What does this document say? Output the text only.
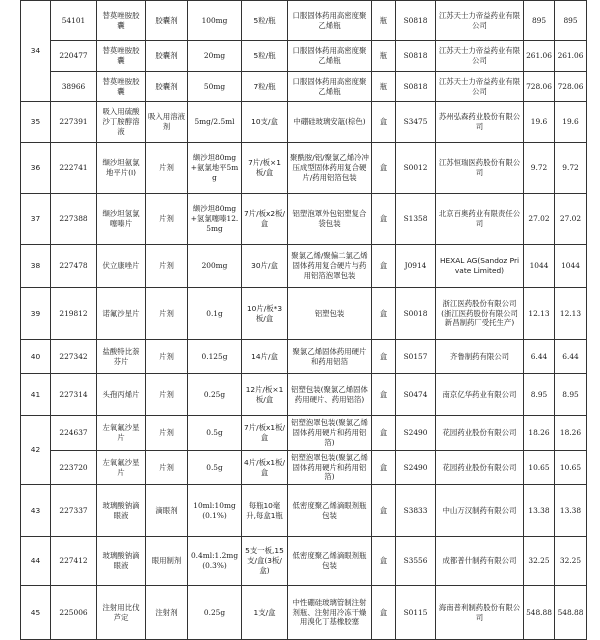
34	54101	替莫唑胺胶囊	胶囊剂	100mg	5粒/瓶	口服固体药用高密度聚乙烯瓶	瓶	S0818	江苏天士力帝益药业有限公司	895	895
	220477	替莫唑胺胶囊	胶囊剂	20mg	5粒/瓶	口服固体药用高密度聚乙烯瓶	瓶	S0818	江苏天士力帝益药业有限公司	261.06	261.06
	38966	替莫唑胺胶囊	胶囊剂	50mg	7粒/瓶	口服固体药用高密度聚乙烯瓶	瓶	S0818	江苏天士力帝益药业有限公司	728.06	728.06
35	227391	吸入用硫酸沙丁胺醇溶液	吸入用溶液剂	5mg/2.5ml	10支/盒	中硼硅玻璃安瓿(棕色)	盒	S3475	苏州弘森药业股份有限公司	19.6	19.6
36	222741	缬沙坦氨氯地平片(Ⅰ)	片剂	缬沙坦80mg+氨氯地平5mg	7片/板×1板/盒	聚酰胺/铝/聚氯乙烯冷冲压成型固体药用复合硬片/药用铝箔包装	盒	S0012	江苏恒瑞医药股份有限公司	9.72	9.72
37	227388	缬沙坦氢氯噻嗪片	片剂	缬沙坦80mg+氢氯噻嗪12.5mg	7片/板x2板/盒	铝塑泡罩外包铝塑复合袋包装	盒	S1358	北京百奥药业有限责任公司	27.02	27.02
38	227478	伏立康唑片	片剂	200mg	30片/盒	聚氯乙烯/聚偏二氯乙烯固体药用复合硬片与药用铝箔泡罩包装	盒	J0914	HEXAL AG(Sandoz Private Limited)	1044	1044
39	219812	诺氟沙星片	片剂	0.1g	10片/板*3板/盒	铝塑包装	盒	S0018	浙江医药股份有限公司(浙江医药股份有限公司新昌制药厂受托生产)	12.13	12.13
40	227342	盐酸特比萘芬片	片剂	0.125g	14片/盒	聚氯乙烯固体药用硬片和药用铝箔	盒	S0157	齐鲁制药有限公司	6.44	6.44
41	227314	头孢丙烯片	片剂	0.25g	12片/板×1板/盒	铝塑包装(聚氯乙烯固体药用硬片、药用铝箔)	盒	S0474	南京亿华药业有限公司	8.95	8.95
42	224637	左氧氟沙星片	片剂	0.5g	7片/板x1板/盒	铝塑泡罩包装(聚氯乙烯固体药用硬片和药用铝箔)	盒	S2490	花园药业股份有限公司	18.26	18.26
	223720	左氧氟沙星片	片剂	0.5g	4片/板x1板/盒	铝塑泡罩包装(聚氯乙烯固体药用硬片和药用铝箔)	盒	S2490	花园药业股份有限公司	10.65	10.65
43	227337	玻璃酸钠滴眼液	滴眼剂	10ml:10mg(0.1%)	每瓶10毫升,每盒1瓶	低密度聚乙烯滴眼剂瓶包装	盒	S3833	中山万汉制药有限公司	13.38	13.38
44	227412	玻璃酸钠滴眼液	眼用制剂	0.4ml:1.2mg(0.3%)	5支一板,15支/盒(3板/盒)	低密度聚乙烯滴眼剂瓶包装	盒	S3556	成都普什制药有限公司	32.25	32.25
45	225006	注射用比伐芦定	注射剂	0.25g	1支/盒	中性硼硅玻璃管制注射剂瓶、注射用冷冻干燥用溴化丁基橡胶塞	盒	S0115	海南普利制药股份有限公司	548.88	548.88
